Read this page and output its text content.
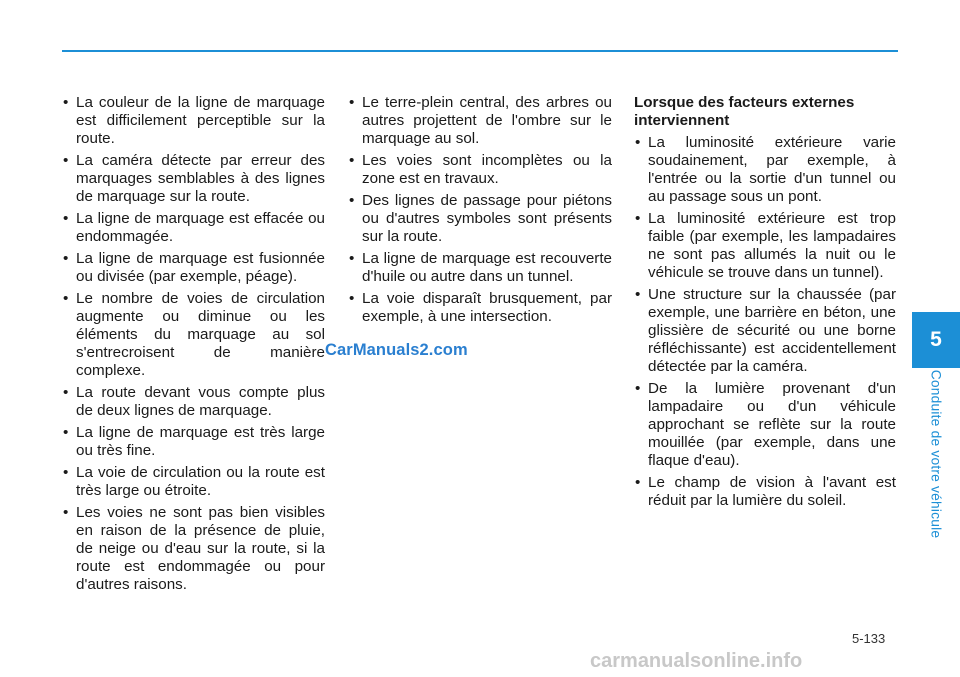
• La couleur de la ligne de marquage est difficilement perceptible sur la route.
• La caméra détecte par erreur des marquages semblables à des lignes de marquage sur la route.
• La ligne de marquage est effacée ou endommagée.
• La ligne de marquage est fusionnée ou divisée (par exemple, péage).
• Le nombre de voies de circulation augmente ou diminue ou les éléments du marquage au sol s'entrecroisent de manière complexe.
• La route devant vous compte plus de deux lignes de marquage.
• La ligne de marquage est très large ou très fine.
• La voie de circulation ou la route est très large ou étroite.
• Les voies ne sont pas bien visibles en raison de la présence de pluie, de neige ou d'eau sur la route, si la route est endommagée ou pour d'autres raisons.
• Le terre-plein central, des arbres ou autres projettent de l'ombre sur le marquage au sol.
• Les voies sont incomplètes ou la zone est en travaux.
• Des lignes de passage pour piétons ou d'autres symboles sont présents sur la route.
• La ligne de marquage est recouverte d'huile ou autre dans un tunnel.
• La voie disparaît brusquement, par exemple, à une intersection.
Lorsque des facteurs externes interviennent
• La luminosité extérieure varie soudainement, par exemple, à l'entrée ou la sortie d'un tunnel ou au passage sous un pont.
• La luminosité extérieure est trop faible (par exemple, les lampadaires ne sont pas allumés la nuit ou le véhicule se trouve dans un tunnel).
• Une structure sur la chaussée (par exemple, une barrière en béton, une glissière de sécurité ou une borne réfléchissante) est accidentellement détectée par la caméra.
• De la lumière provenant d'un lampadaire ou d'un véhicule approchant se reflète sur la route mouillée (par exemple, dans une flaque d'eau).
• Le champ de vision à l'avant est réduit par la lumière du soleil.
CarManuals2.com	5
Conduite de votre véhicule
5-133
carmanualsonline.info
